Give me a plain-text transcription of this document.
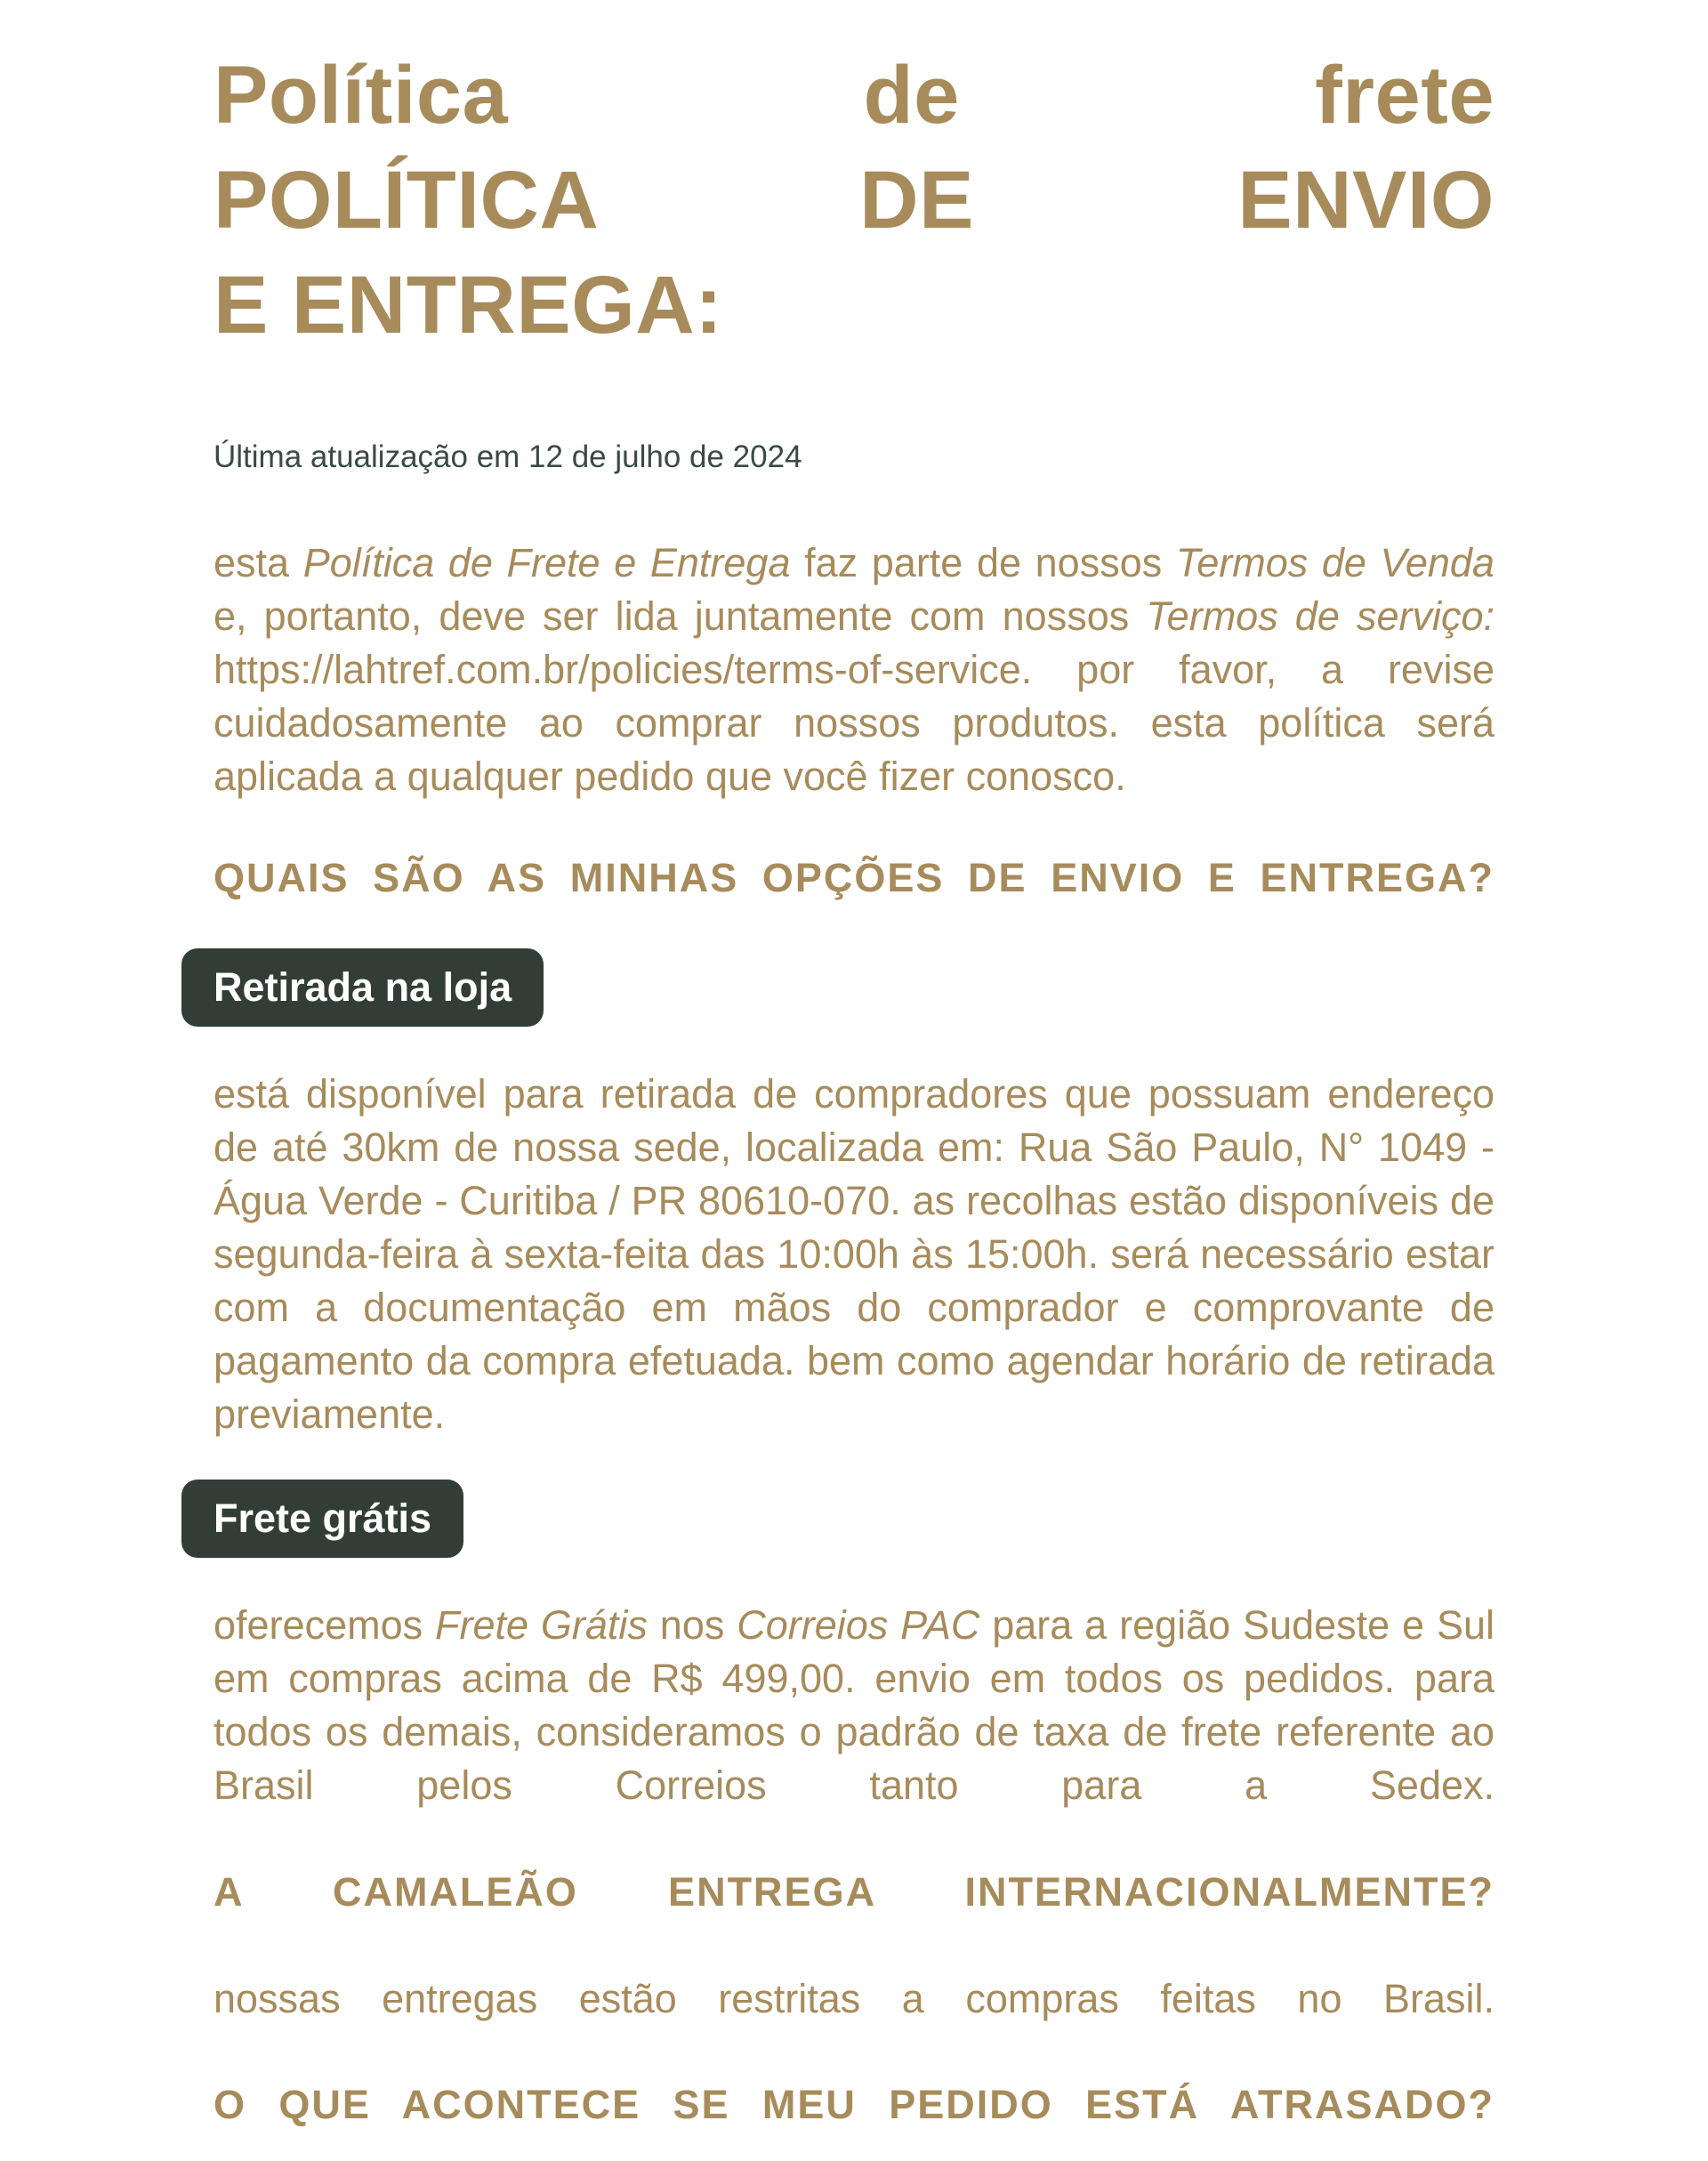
Política de frete
POLÍTICA DE ENVIO
E ENTREGA:
Última atualização em 12 de julho de 2024

esta Política de Frete e Entrega faz parte de nossos Termos de Venda e, portanto, deve ser lida juntamente com nossos Termos de serviço: https://lahtref.com.br/policies/terms-of-service. por favor, a revise cuidadosamente ao comprar nossos produtos. esta política será aplicada a qualquer pedido que você fizer conosco.

QUAIS SÃO AS MINHAS OPÇÕES DE ENVIO E ENTREGA?
Retirada na loja

está disponível para retirada de compradores que possuam endereço de até 30km de nossa sede, localizada em: Rua São Paulo, N° 1049 - Água Verde - Curitiba / PR 80610-070. as recolhas estão disponíveis de segunda-feira à sexta-feita das 10:00h às 15:00h. será necessário estar com a documentação em mãos do comprador e comprovante de pagamento da compra efetuada. bem como agendar horário de retirada previamente.

Frete grátis

oferecemos Frete Grátis nos Correios PAC para a região Sudeste e Sul em compras acima de R$ 499,00. envio em todos os pedidos. para todos os demais, consideramos o padrão de taxa de frete referente ao Brasil pelos Correios tanto para a Sedex.

A CAMALEÃO ENTREGA INTERNACIONALMENTE?

nossas entregas estão restritas a compras feitas no Brasil.

O QUE ACONTECE SE MEU PEDIDO ESTÁ ATRASADO?
